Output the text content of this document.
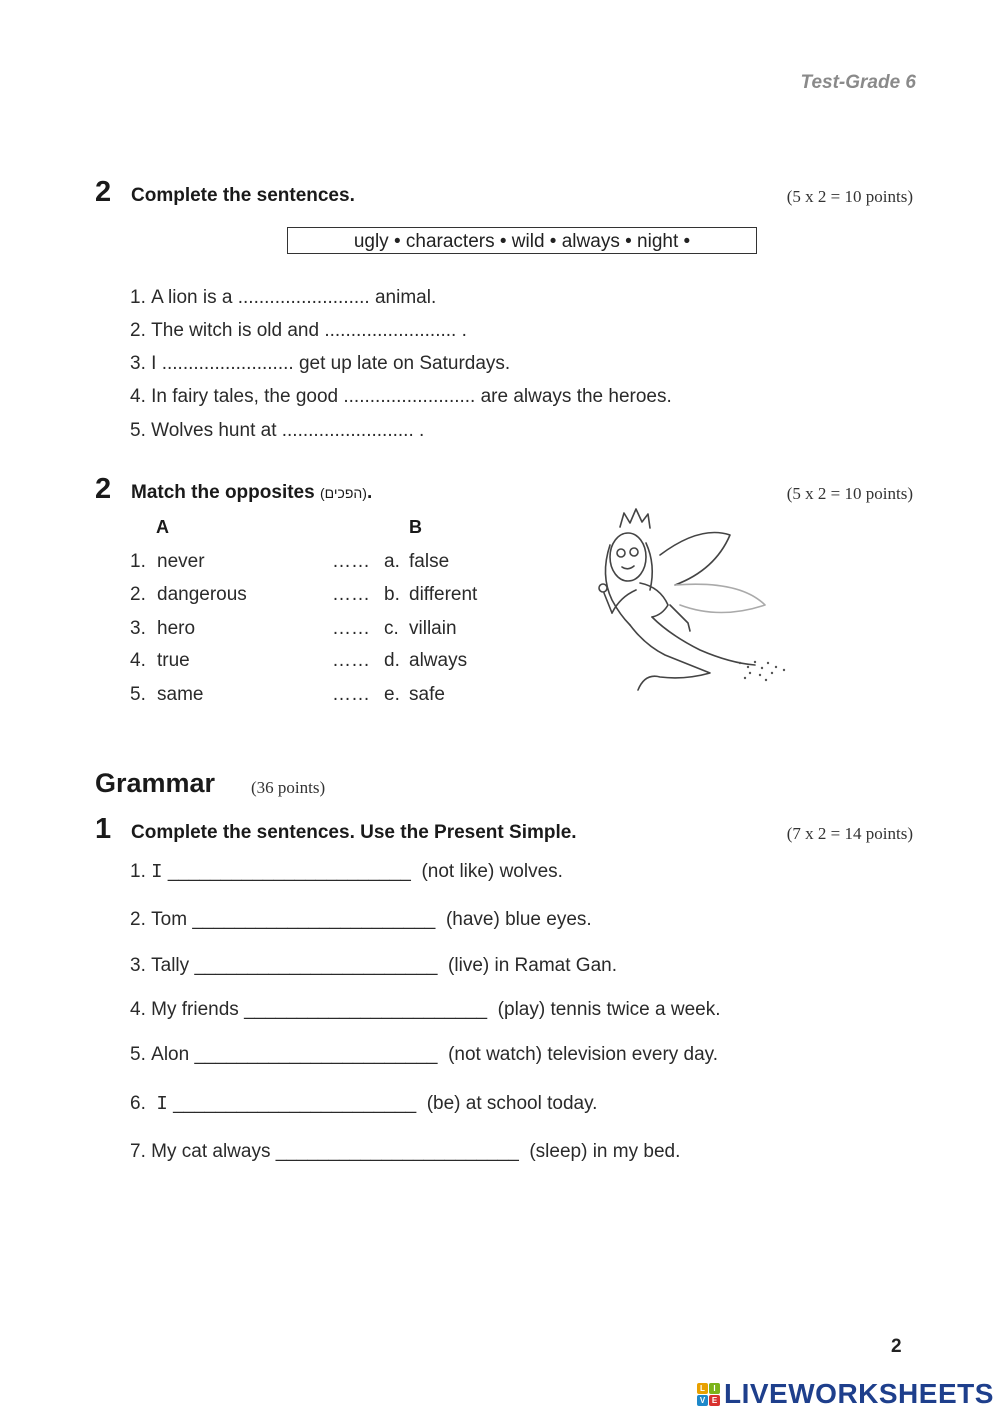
Test-Grade 6
2 Complete the sentences.	(5 x 2 = 10 points)
ugly • characters • wild • always • night •
1. A lion is a ......................... animal.
2. The witch is old and ......................... .
3. I ......................... get up late on Saturdays.
4. In fairy tales, the good ......................... are always the heroes.
5. Wolves hunt at ......................... .
2 Match the opposites (הפכים).	(5 x 2 = 10 points)
A	B
1. never	…… a. false
2. dangerous	…… b. different
3. hero	…… c. villain
4. true	…… d. always
5. same	…… e. safe
Grammar (36 points)
1 Complete the sentences. Use the Present Simple.	(7 x 2 = 14 points)
1. I _______________________ (not like) wolves.
2. Tom _______________________ (have) blue eyes.
3. Tally _______________________ (live) in Ramat Gan.
4. My friends _______________________ (play) tennis twice a week.
5. Alon _______________________ (not watch) television every day.
6. I _______________________ (be) at school today.
7. My cat always _______________________ (sleep) in my bed.
2
L	I
V E LIVEWORKSHEETS
